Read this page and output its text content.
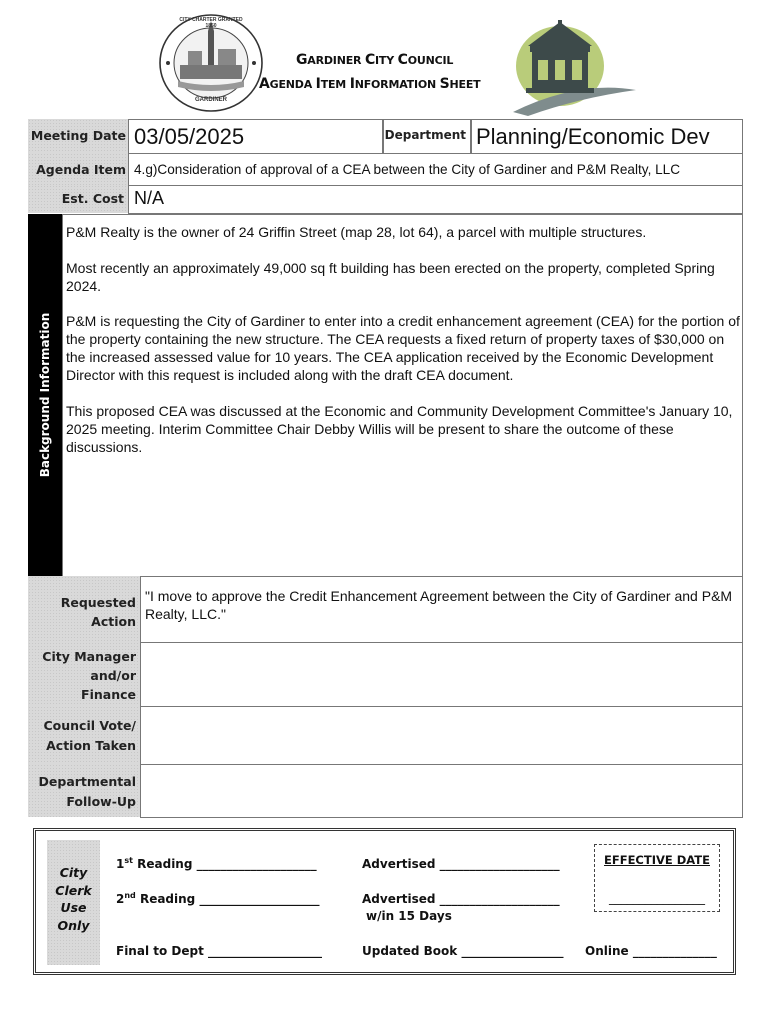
CITY CHARTER GRANTED 1850
GARDINER
GARDINER CITY COUNCIL
AGENDA ITEM INFORMATION SHEET
Meeting Date 03/05/2025	Department Planning/Economic Dev
Agenda Item 4.g)Consideration of approval of a CEA between the City of Gardiner and P&M Realty, LLC
Est. Cost N/A
Background Information

P&M Realty is the owner of 24 Griffin Street (map 28, lot 64), a parcel with multiple structures.

Most recently an approximately 49,000 sq ft building has been erected on the property, completed Spring 2024.

P&M is requesting the City of Gardiner to enter into a credit enhancement agreement (CEA) for the portion of the property containing the new structure. The CEA requests a fixed return of property taxes of $30,000 on the increased assessed value for 10 years. The CEA application received by the Economic Development Director with this request is included along with the draft CEA document.

This proposed CEA was discussed at the Economic and Community Development Committee's January 10, 2025 meeting. Interim Committee Chair Debby Willis will be present to share the outcome of these discussions.

Requested
Action
"I move to approve the Credit Enhancement Agreement between the City of Gardiner and P&M Realty, LLC."
City Manager
and/or
Finance
Council Vote/
Action Taken
Departmental
Follow-Up
City
Clerk
Use
Only
1st Reading ____________________
2nd Reading ____________________
Final to Dept ___________________
Advertised ____________________
Advertised ____________________
w/in 15 Days
Updated Book _________________
EFFECTIVE DATE
________________
Online ______________
